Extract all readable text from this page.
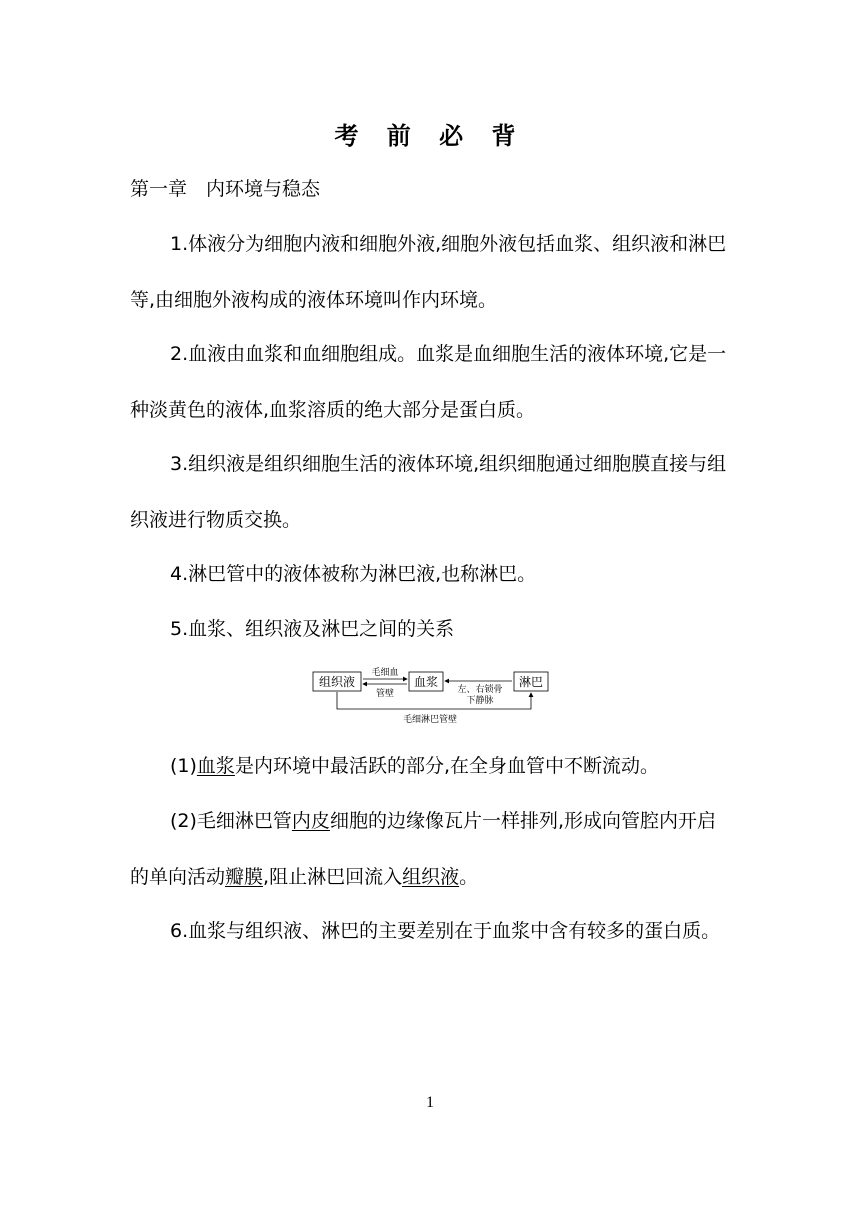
考 前 必 背

第一章　内环境与稳态

1.体液分为细胞内液和细胞外液,细胞外液包括血浆、组织液和淋巴等,由细胞外液构成的液体环境叫作内环境。

2.血液由血浆和血细胞组成。血浆是血细胞生活的液体环境,它是一种淡黄色的液体,血浆溶质的绝大部分是蛋白质。

3.组织液是组织细胞生活的液体环境,组织细胞通过细胞膜直接与组织液进行物质交换。

4.淋巴管中的液体被称为淋巴液,也称淋巴。

5.血浆、组织液及淋巴之间的关系

组织液	血浆	淋巴
毛细血
管壁	左、右锁骨
下静脉
毛细淋巴管壁

(1)血浆是内环境中最活跃的部分,在全身血管中不断流动。

(2)毛细淋巴管内皮细胞的边缘像瓦片一样排列,形成向管腔内开启的单向活动瓣膜,阻止淋巴回流入组织液。

6.血浆与组织液、淋巴的主要差别在于血浆中含有较多的蛋白质。

1
